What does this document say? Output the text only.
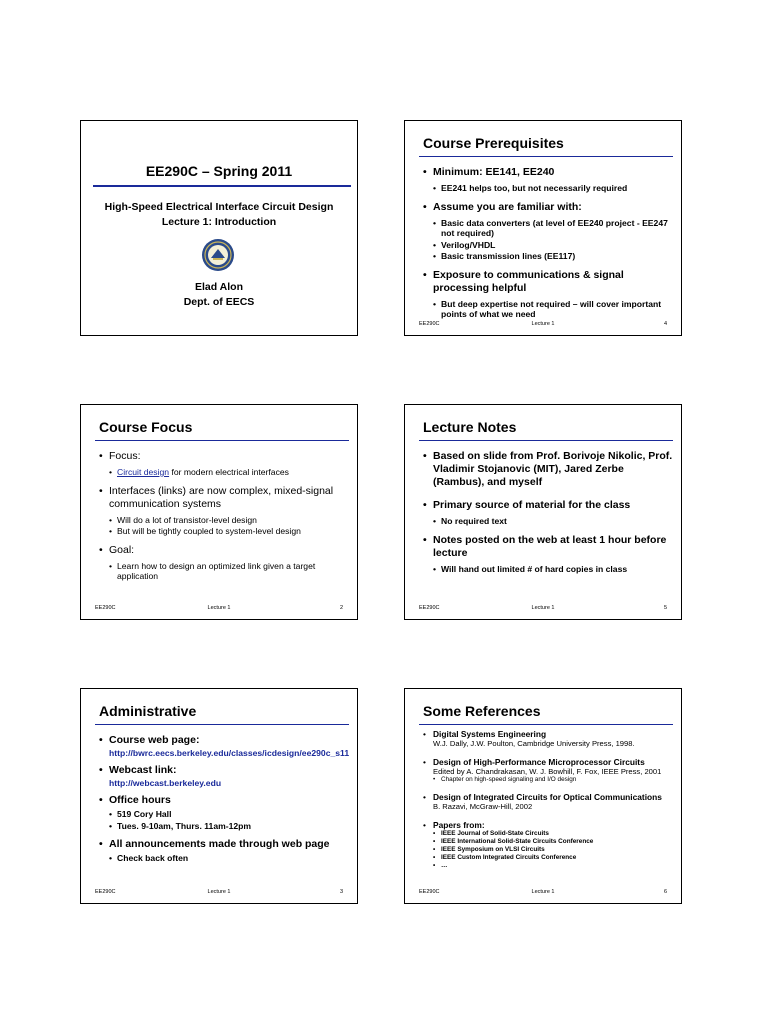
EE290C – Spring 2011
High-Speed Electrical Interface Circuit Design
Lecture 1: Introduction
Elad Alon
Dept. of EECS
Course Prerequisites

• Minimum: EE141, EE240

• EE241 helps too, but not necessarily required

• Assume you are familiar with:

• Basic data converters (at level of EE240 project - EE247 not required)

• Verilog/VHDL

• Basic transmission lines (EE117)

• Exposure to communications & signal processing helpful

• But deep expertise not required – will cover important points of what we need

EE290C	Lecture 1	4
Course Focus

• Focus:

• Circuit design for modern electrical interfaces

• Interfaces (links) are now complex, mixed-signal communication systems

• Will do a lot of transistor-level design

• But will be tightly coupled to system-level design

• Goal:

• Learn how to design an optimized link given a target application

EE290C	Lecture 1	2
Lecture Notes

• Based on slide from Prof. Borivoje Nikolic, Prof. Vladimir Stojanovic (MIT), Jared Zerbe (Rambus), and myself

• Primary source of material for the class

• No required text

• Notes posted on the web at least 1 hour before lecture

• Will hand out limited # of hard copies in class

EE290C	Lecture 1	5
Administrative

• Course web page:

http://bwrc.eecs.berkeley.edu/classes/icdesign/ee290c_s11

• Webcast link:

http://webcast.berkeley.edu

• Office hours

• 519 Cory Hall

• Tues. 9-10am, Thurs. 11am-12pm

• All announcements made through web page

• Check back often

EE290C	Lecture 1	3
Some References

• Digital Systems Engineering

W.J. Dally, J.W. Poulton, Cambridge University Press, 1998.

• Design of High-Performance Microprocessor Circuits

Edited by A. Chandrakasan, W. J. Bowhill, F. Fox, IEEE Press, 2001

• Chapter on high-speed signaling and I/O design

• Design of Integrated Circuits for Optical Communications

B. Razavi, McGraw-Hill, 2002

• Papers from:

• IEEE Journal of Solid-State Circuits

• IEEE International Solid-State Circuits Conference

• IEEE Symposium on VLSI Circuits

• IEEE Custom Integrated Circuits Conference

• …

EE290C	Lecture 1	6
